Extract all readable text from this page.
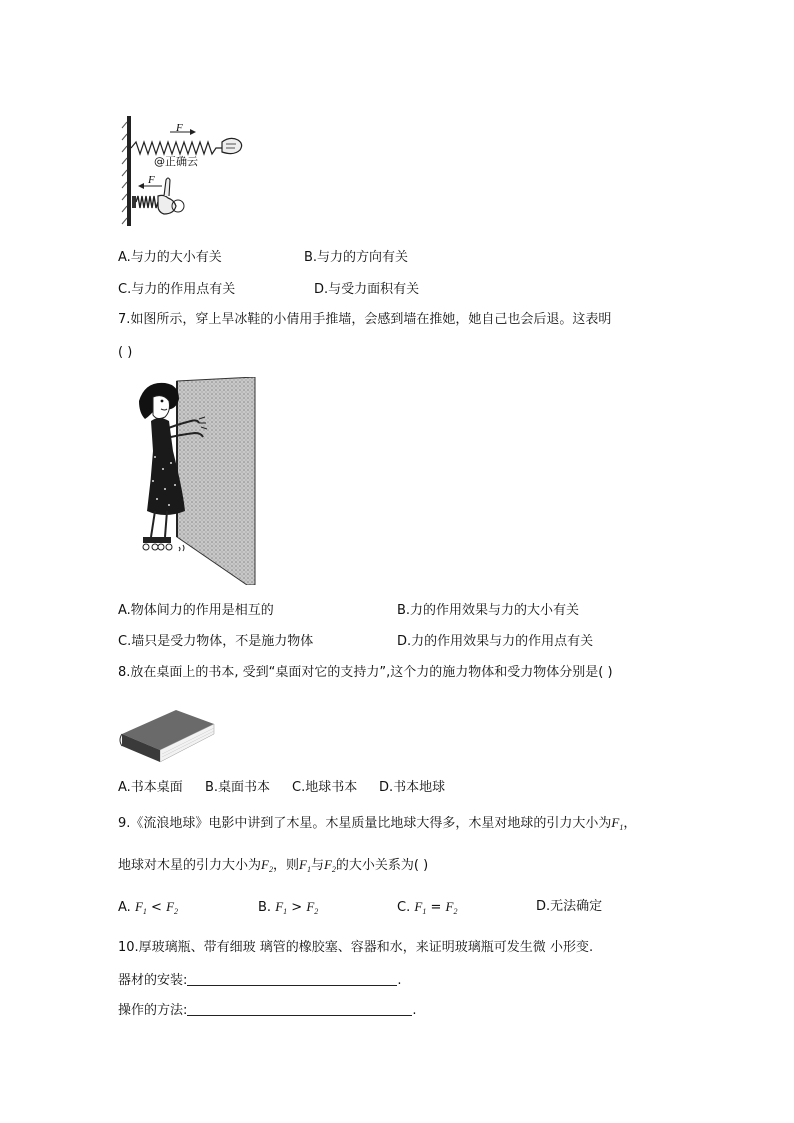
F
F
@正确云
A.与力的大小有关	B.与力的方向有关
C.与力的作用点有关	D.与受力面积有关
7.如图所示，穿上旱冰鞋的小倩用手推墙，会感到墙在推她，她自己也会后退。这表明
( )
A.物体间力的作用是相互的	B.力的作用效果与力的大小有关
C.墙只是受力物体，不是施力物体	D.力的作用效果与力的作用点有关
8.放在桌面上的书本, 受到“桌面对它的支持力”,这个力的施力物体和受力物体分别是( )
A.书本桌面 B.桌面书本 C.地球书本 D.书本地球
9.《流浪地球》电影中讲到了木星。木星质量比地球大得多，木星对地球的引力大小为$F_1$，
地球对木星的引力大小为$F_2$，则$F_1$与$F_2$的大小关系为( )
A. $F_1 < F_2$	B. $F_1 > F_2$	C. $F_1 = F_2$	D.无法确定
10.厚玻璃瓶、带有细玻 璃管的橡胶塞、容器和水，来证明玻璃瓶可发生微 小形变.
器材的安装:	.
操作的方法:	.
